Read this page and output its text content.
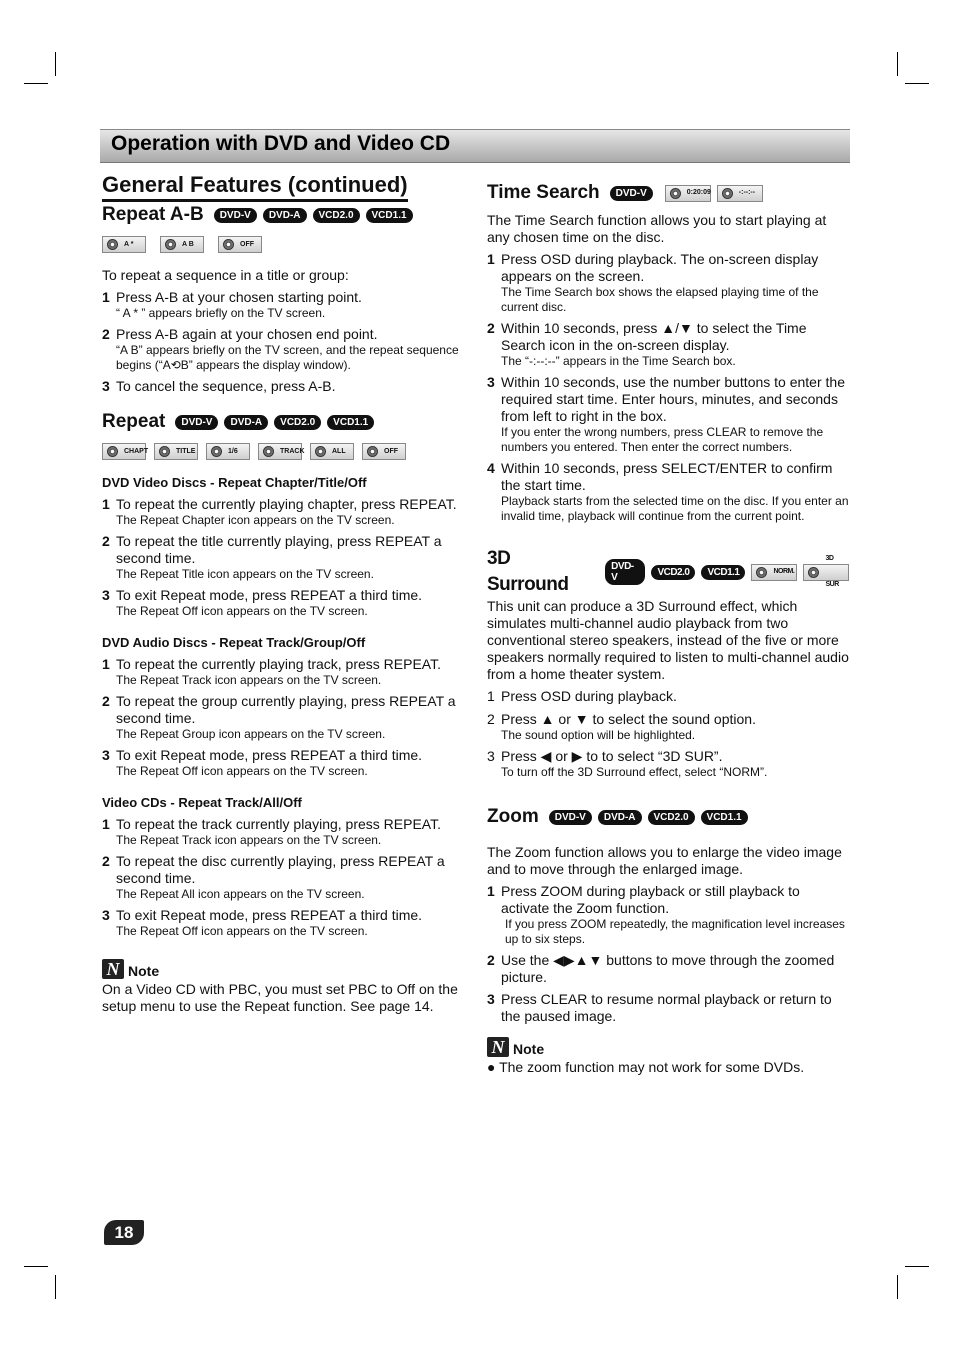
Operation with DVD and Video CD
General Features (continued)
Repeat A-B	DVD-V	DVD-A	VCD2.0	VCD1.1
A *	A B	OFF

To repeat a sequence in a title or group:

1 Press A-B at your chosen starting point.
“ A * ” appears briefly on the TV screen.
2 Press A-B again at your chosen end point.
“A B” appears briefly on the TV screen, and the repeat sequence begins (“A⟲B” appears the display window).
3 To cancel the sequence, press A-B.
Repeat	DVD-V	DVD-A	VCD2.0	VCD1.1
CHAPT	TITLE	1/6	TRACK	ALL	OFF
DVD Video Discs - Repeat Chapter/Title/Off
1 To repeat the currently playing chapter, press REPEAT.
The Repeat Chapter icon appears on the TV screen.
2 To repeat the title currently playing, press REPEAT a second time.
The Repeat Title icon appears on the TV screen.
3 To exit Repeat mode, press REPEAT a third time.
The Repeat Off icon appears on the TV screen.
DVD Audio Discs - Repeat Track/Group/Off
1 To repeat the currently playing track, press REPEAT.
The Repeat Track icon appears on the TV screen.
2 To repeat the group currently playing, press REPEAT a second time.
The Repeat Group icon appears on the TV screen.
3 To exit Repeat mode, press REPEAT a third time.
The Repeat Off icon appears on the TV screen.
Video CDs - Repeat Track/All/Off
1 To repeat the track currently playing, press REPEAT.
The Repeat Track icon appears on the TV screen.
2 To repeat the disc currently playing, press REPEAT a second time.
The Repeat All icon appears on the TV screen.
3 To exit Repeat mode, press REPEAT a third time.
The Repeat Off icon appears on the TV screen.
N Note

On a Video CD with PBC, you must set PBC to Off on the setup menu to use the Repeat function. See page 14.

Time Search	DVD-V	0:20:09	-:--:--

The Time Search function allows you to start playing at any chosen time on the disc.

1 Press OSD during playback. The on-screen display appears on the screen.
The Time Search box shows the elapsed playing time of the current disc.
2 Within 10 seconds, press ▲/▼ to select the Time Search icon in the on-screen display.
The “-:--:--” appears in the Time Search box.
3 Within 10 seconds, use the number buttons to enter the required start time. Enter hours, minutes, and seconds from left to right in the box.
If you enter the wrong numbers, press CLEAR to remove the numbers you entered. Then enter the correct numbers.
4 Within 10 seconds, press SELECT/ENTER to confirm the start time.
Playback starts from the selected time on the disc. If you enter an invalid time, playback will continue from the current point.
3D Surround
DVD-V	VCD2.0	VCD1.1	NORM.
3D SUR

This unit can produce a 3D Surround effect, which simulates multi-channel audio playback from two conventional stereo speakers, instead of the five or more speakers normally required to listen to multi-channel audio from a home theater system.

1 Press OSD during playback.
2 Press ▲ or ▼ to select the sound option.
The sound option will be highlighted.
3 Press ◀ or ▶ to to select “3D SUR”.
To turn off the 3D Surround effect, select “NORM”.
Zoom	DVD-V	DVD-A	VCD2.0	VCD1.1

The Zoom function allows you to enlarge the video image and to move through the enlarged image.

1 Press ZOOM during playback or still playback to activate the Zoom function.
If you press ZOOM repeatedly, the magnification level increases up to six steps.
2 Use the ◀▶▲▼ buttons to move through the zoomed picture.
3 Press CLEAR to resume normal playback or return to the paused image.
N Note

● The zoom function may not work for some DVDs.

18
